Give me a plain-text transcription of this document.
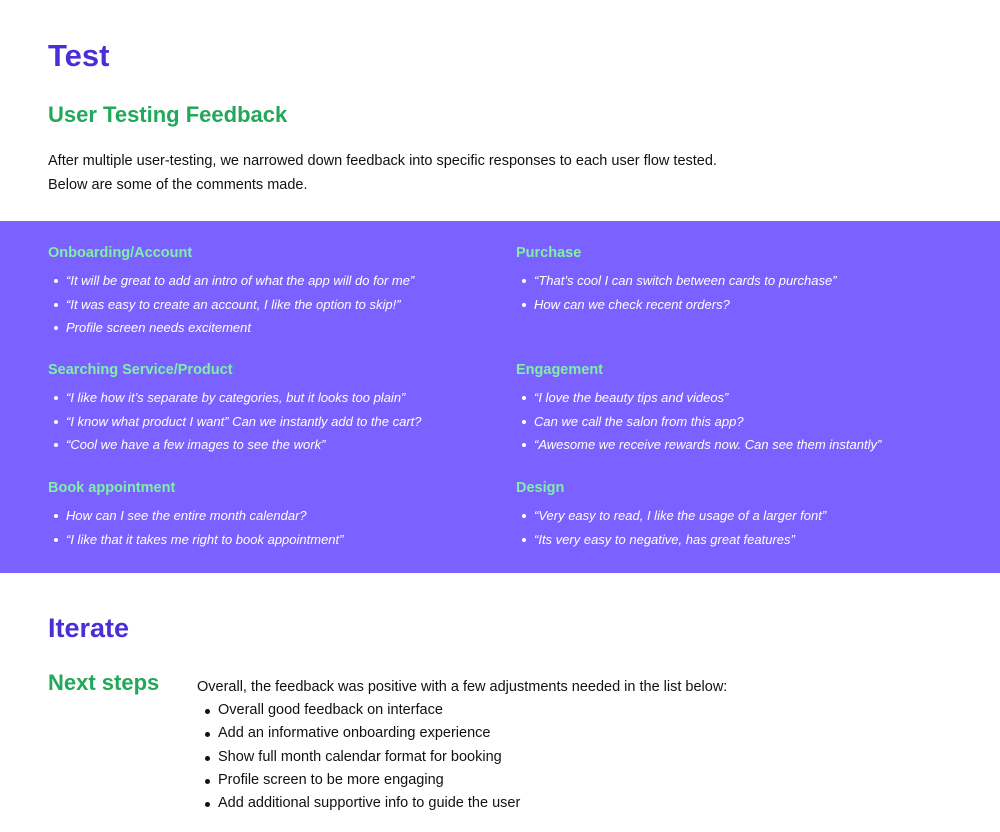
Test
User Testing Feedback

After multiple user-testing, we narrowed down feedback into specific responses to each user flow tested.
Below are some of the comments made.

Onboarding/Account
“It will be great to add an intro of what the app will do for me”
“It was easy to create an account, I like the option to skip!”
Profile screen needs excitement
Searching Service/Product
“I like how it’s separate by categories, but it looks too plain”
“I know what product I want” Can we instantly add to the cart?
“Cool we have a few images to see the work”
Book appointment
How can I see the entire month calendar?
“I like that it takes me right to book appointment”
Purchase
“That’s cool I can switch between cards to purchase”
How can we check recent orders?
Engagement
“I love the beauty tips and videos”
Can we call the salon from this app?
“Awesome we receive rewards now. Can see them instantly”
Design
“Very easy to read, I like the usage of a larger font”
“Its very easy to negative, has great features”
Iterate
Next steps	Overall, the feedback was positive with a few adjustments needed in the list below:

Overall good feedback on interface
Add an informative onboarding experience
Show full month calendar format for booking
Profile screen to be more engaging
Add additional supportive info to guide the user
